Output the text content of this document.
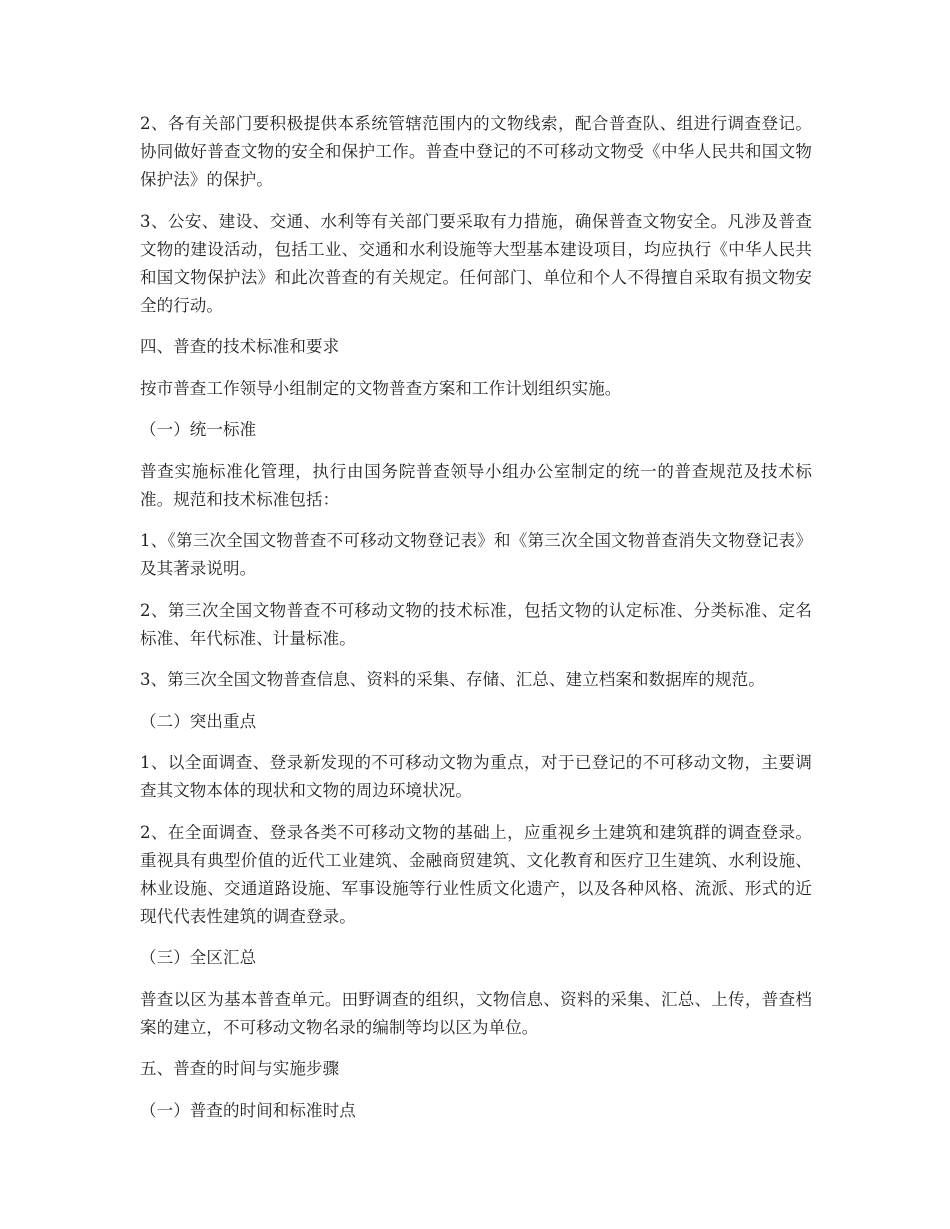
2、各有关部门要积极提供本系统管辖范围内的文物线索，配合普查队、组进行调查登记。协同做好普查文物的安全和保护工作。普查中登记的不可移动文物受《中华人民共和国文物保护法》的保护。

3、公安、建设、交通、水利等有关部门要采取有力措施，确保普查文物安全。凡涉及普查文物的建设活动，包括工业、交通和水利设施等大型基本建设项目，均应执行《中华人民共和国文物保护法》和此次普查的有关规定。任何部门、单位和个人不得擅自采取有损文物安全的行动。

四、普查的技术标准和要求

按市普查工作领导小组制定的文物普查方案和工作计划组织实施。

（一）统一标准

普查实施标准化管理，执行由国务院普查领导小组办公室制定的统一的普查规范及技术标准。规范和技术标准包括：

1、《第三次全国文物普查不可移动文物登记表》和《第三次全国文物普查消失文物登记表》及其著录说明。

2、第三次全国文物普查不可移动文物的技术标准，包括文物的认定标准、分类标准、定名标准、年代标准、计量标准。

3、第三次全国文物普查信息、资料的采集、存储、汇总、建立档案和数据库的规范。

（二）突出重点

1、以全面调查、登录新发现的不可移动文物为重点，对于已登记的不可移动文物，主要调查其文物本体的现状和文物的周边环境状况。

2、在全面调查、登录各类不可移动文物的基础上，应重视乡土建筑和建筑群的调查登录。重视具有典型价值的近代工业建筑、金融商贸建筑、文化教育和医疗卫生建筑、水利设施、林业设施、交通道路设施、军事设施等行业性质文化遗产，以及各种风格、流派、形式的近现代代表性建筑的调查登录。

（三）全区汇总

普查以区为基本普查单元。田野调查的组织，文物信息、资料的采集、汇总、上传，普查档案的建立，不可移动文物名录的编制等均以区为单位。

五、普查的时间与实施步骤

（一）普查的时间和标准时点
